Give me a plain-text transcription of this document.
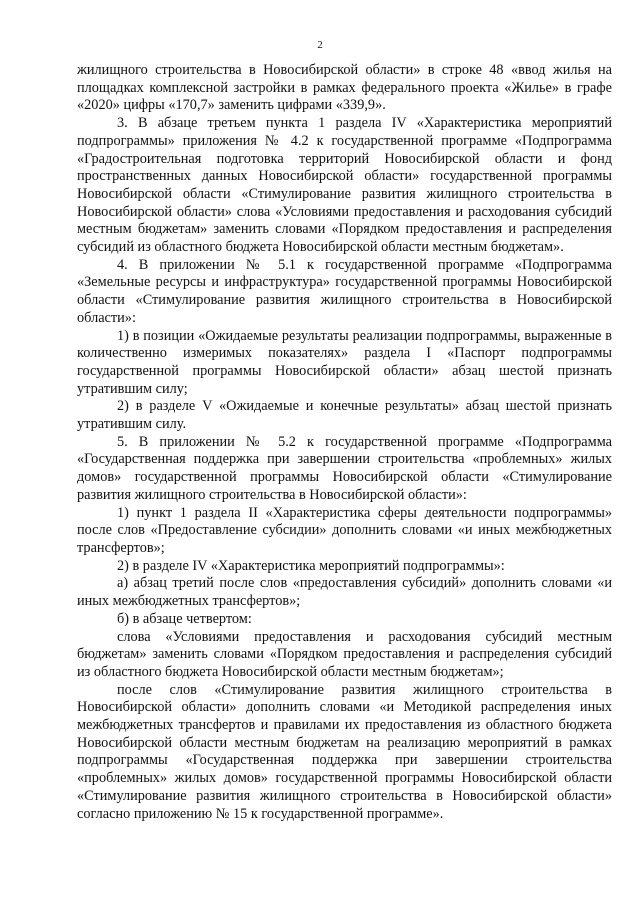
2

жилищного строительства в Новосибирской области» в строке 48 «ввод жилья на площадках комплексной застройки в рамках федерального проекта «Жилье» в графе «2020» цифры «170,7» заменить цифрами «339,9».

3. В абзаце третьем пункта 1 раздела IV «Характеристика мероприятий подпрограммы» приложения № 4.2 к государственной программе «Подпрограмма «Градостроительная подготовка территорий Новосибирской области и фонд пространственных данных Новосибирской области» государственной программы Новосибирской области «Стимулирование развития жилищного строительства в Новосибирской области» слова «Условиями предоставления и расходования субсидий местным бюджетам» заменить словами «Порядком предоставления и распределения субсидий из областного бюджета Новосибирской области местным бюджетам».

4. В приложении № 5.1 к государственной программе «Подпрограмма «Земельные ресурсы и инфраструктура» государственной программы Новосибирской области «Стимулирование развития жилищного строительства в Новосибирской области»:

1) в позиции «Ожидаемые результаты реализации подпрограммы, выраженные в количественно измеримых показателях» раздела I «Паспорт подпрограммы государственной программы Новосибирской области» абзац шестой признать утратившим силу;

2) в разделе V «Ожидаемые и конечные результаты» абзац шестой признать утратившим силу.

5. В приложении № 5.2 к государственной программе «Подпрограмма «Государственная поддержка при завершении строительства «проблемных» жилых домов» государственной программы Новосибирской области «Стимулирование развития жилищного строительства в Новосибирской области»:

1) пункт 1 раздела II «Характеристика сферы деятельности подпрограммы» после слов «Предоставление субсидии» дополнить словами «и иных межбюджетных трансфертов»;

2) в разделе IV «Характеристика мероприятий подпрограммы»:

а) абзац третий после слов «предоставления субсидий» дополнить словами «и иных межбюджетных трансфертов»;

б) в абзаце четвертом:

слова «Условиями предоставления и расходования субсидий местным бюджетам» заменить словами «Порядком предоставления и распределения субсидий из областного бюджета Новосибирской области местным бюджетам»;

после слов «Стимулирование развития жилищного строительства в Новосибирской области» дополнить словами «и Методикой распределения иных межбюджетных трансфертов и правилами их предоставления из областного бюджета Новосибирской области местным бюджетам на реализацию мероприятий в рамках подпрограммы «Государственная поддержка при завершении строительства «проблемных» жилых домов» государственной программы Новосибирской области «Стимулирование развития жилищного строительства в Новосибирской области» согласно приложению № 15 к государственной программе».
